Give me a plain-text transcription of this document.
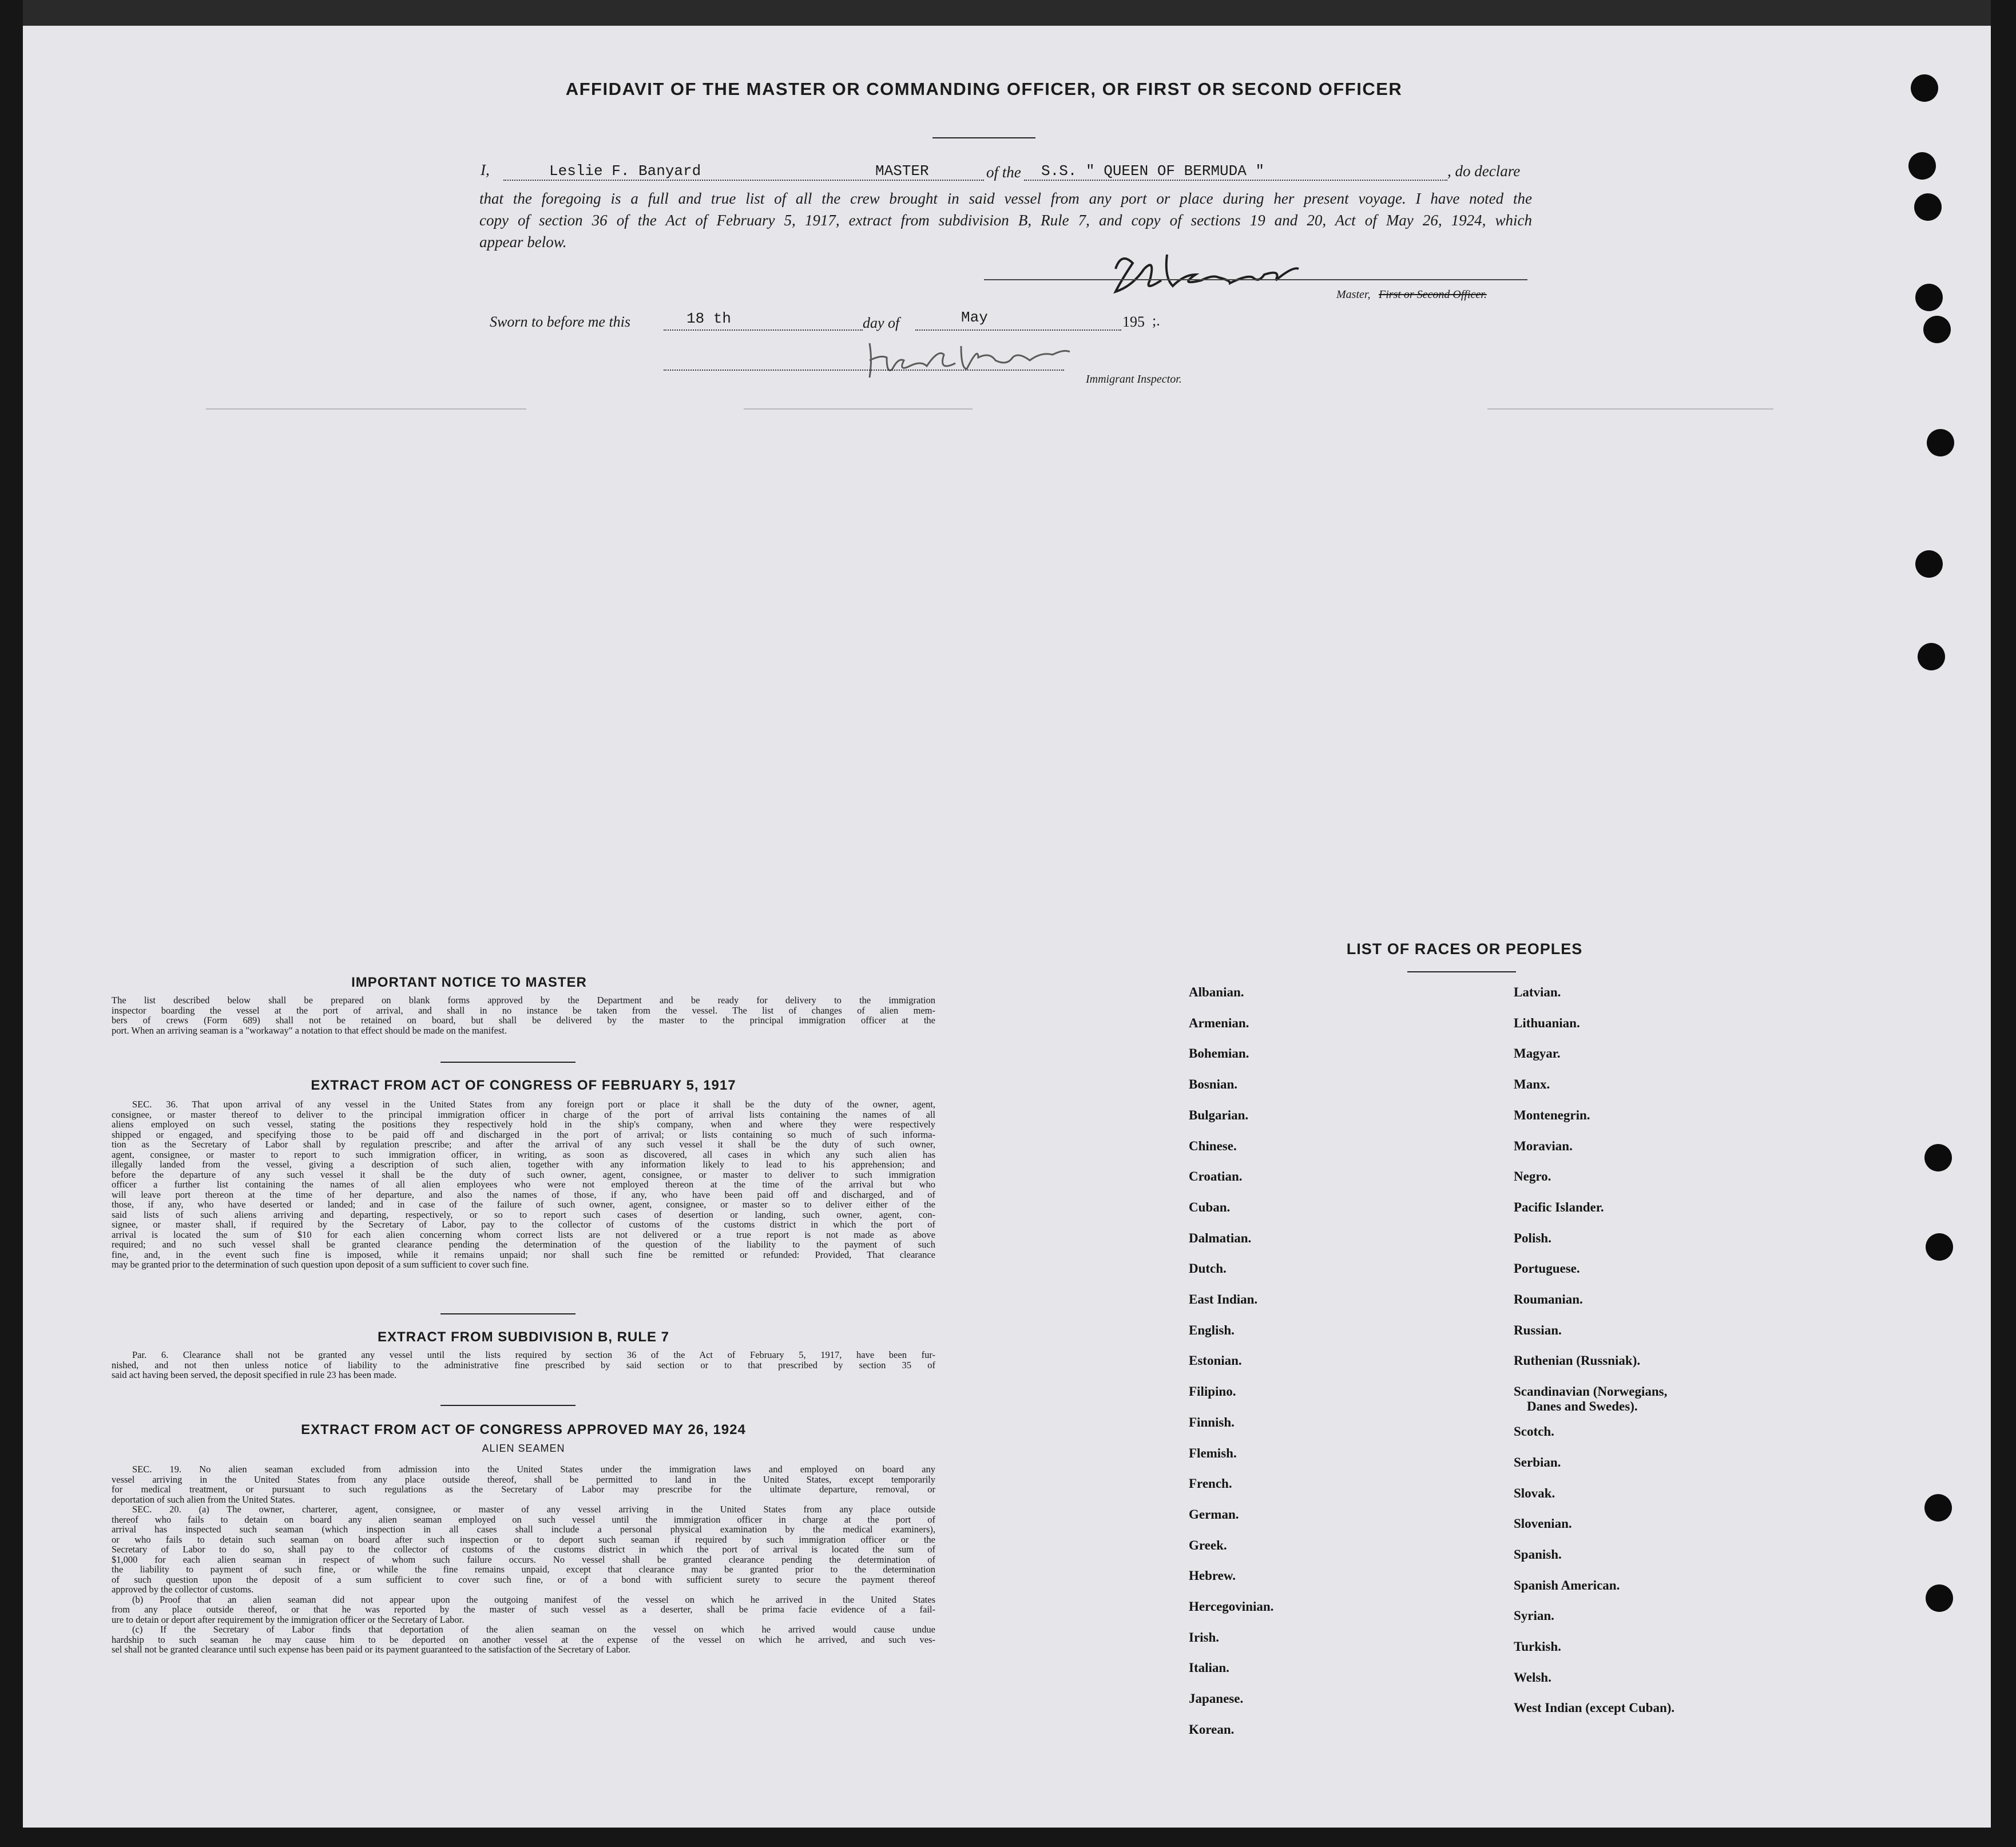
AFFIDAVIT OF THE MASTER OR COMMANDING OFFICER, OR FIRST OR SECOND OFFICER
I,	Leslie F. Banyard	MASTER	of the S.S. " QUEEN OF BERMUDA "	, do declare
that the foregoing is a full and true list of all the crew brought in said vessel from any port or place during her present voyage. I have noted the
copy of section 36 of the Act of February 5, 1917, extract from subdivision B, Rule 7, and copy of sections 19 and 20, Act of May 26, 1924, which
appear below.
Master, First or Second Officer.
Sworn to before me this	18 th	day of	May	195 ;.
Immigrant Inspector.
IMPORTANT NOTICE TO MASTER
The list described below shall be prepared on blank forms approved by the Department and be ready for delivery to the immigration
inspector boarding the vessel at the port of arrival, and shall in no instance be taken from the vessel. The list of changes of alien mem-
bers of crews (Form 689) shall not be retained on board, but shall be delivered by the master to the principal immigration officer at the
port. When an arriving seaman is a "workaway" a notation to that effect should be made on the manifest.
EXTRACT FROM ACT OF CONGRESS OF FEBRUARY 5, 1917
SEC. 36. That upon arrival of any vessel in the United States from any foreign port or place it shall be the duty of the owner, agent,
consignee, or master thereof to deliver to the principal immigration officer in charge of the port of arrival lists containing the names of all
aliens employed on such vessel, stating the positions they respectively hold in the ship's company, when and where they were respectively
shipped or engaged, and specifying those to be paid off and discharged in the port of arrival; or lists containing so much of such informa-
tion as the Secretary of Labor shall by regulation prescribe; and after the arrival of any such vessel it shall be the duty of such owner,
agent, consignee, or master to report to such immigration officer, in writing, as soon as discovered, all cases in which any such alien has
illegally landed from the vessel, giving a description of such alien, together with any information likely to lead to his apprehension; and
before the departure of any such vessel it shall be the duty of such owner, agent, consignee, or master to deliver to such immigration
officer a further list containing the names of all alien employees who were not employed thereon at the time of the arrival but who
will leave port thereon at the time of her departure, and also the names of those, if any, who have been paid off and discharged, and of
those, if any, who have deserted or landed; and in case of the failure of such owner, agent, consignee, or master so to deliver either of the
said lists of such aliens arriving and departing, respectively, or so to report such cases of desertion or landing, such owner, agent, con-
signee, or master shall, if required by the Secretary of Labor, pay to the collector of customs of the customs district in which the port of
arrival is located the sum of $10 for each alien concerning whom correct lists are not delivered or a true report is not made as above
required; and no such vessel shall be granted clearance pending the determination of the question of the liability to the payment of such
fine, and, in the event such fine is imposed, while it remains unpaid; nor shall such fine be remitted or refunded: Provided, That clearance
may be granted prior to the determination of such question upon deposit of a sum sufficient to cover such fine.
EXTRACT FROM SUBDIVISION B, RULE 7
Par. 6. Clearance shall not be granted any vessel until the lists required by section 36 of the Act of February 5, 1917, have been fur-
nished, and not then unless notice of liability to the administrative fine prescribed by said section or to that prescribed by section 35 of
said act having been served, the deposit specified in rule 23 has been made.
EXTRACT FROM ACT OF CONGRESS APPROVED MAY 26, 1924
ALIEN SEAMEN
SEC. 19. No alien seaman excluded from admission into the United States under the immigration laws and employed on board any
vessel arriving in the United States from any place outside thereof, shall be permitted to land in the United States, except temporarily
for medical treatment, or pursuant to such regulations as the Secretary of Labor may prescribe for the ultimate departure, removal, or
deportation of such alien from the United States.
SEC. 20. (a) The owner, charterer, agent, consignee, or master of any vessel arriving in the United States from any place outside
thereof who fails to detain on board any alien seaman employed on such vessel until the immigration officer in charge at the port of
arrival has inspected such seaman (which inspection in all cases shall include a personal physical examination by the medical examiners),
or who fails to detain such seaman on board after such inspection or to deport such seaman if required by such immigration officer or the
Secretary of Labor to do so, shall pay to the collector of customs of the customs district in which the port of arrival is located the sum of
$1,000 for each alien seaman in respect of whom such failure occurs. No vessel shall be granted clearance pending the determination of
the liability to payment of such fine, or while the fine remains unpaid, except that clearance may be granted prior to the determination
of such question upon the deposit of a sum sufficient to cover such fine, or of a bond with sufficient surety to secure the payment thereof
approved by the collector of customs.
(b) Proof that an alien seaman did not appear upon the outgoing manifest of the vessel on which he arrived in the United States
from any place outside thereof, or that he was reported by the master of such vessel as a deserter, shall be prima facie evidence of a fail-
ure to detain or deport after requirement by the immigration officer or the Secretary of Labor.
(c) If the Secretary of Labor finds that deportation of the alien seaman on the vessel on which he arrived would cause undue
hardship to such seaman he may cause him to be deported on another vessel at the expense of the vessel on which he arrived, and such ves-
sel shall not be granted clearance until such expense has been paid or its payment guaranteed to the satisfaction of the Secretary of Labor.
LIST OF RACES OR PEOPLES
Albanian.
Armenian.
Bohemian.
Bosnian.
Bulgarian.
Chinese.
Croatian.
Cuban.
Dalmatian.
Dutch.
East Indian.
English.
Estonian.
Filipino.
Finnish.
Flemish.
French.
German.
Greek.
Hebrew.
Hercegovinian.
Irish.
Italian.
Japanese.
Korean.
Latvian.
Lithuanian.
Magyar.
Manx.
Montenegrin.
Moravian.
Negro.
Pacific Islander.
Polish.
Portuguese.
Roumanian.
Russian.
Ruthenian (Russniak).
Scandinavian (Norwegians,
Danes and Swedes).
Scotch.
Serbian.
Slovak.
Slovenian.
Spanish.
Spanish American.
Syrian.
Turkish.
Welsh.
West Indian (except Cuban).
